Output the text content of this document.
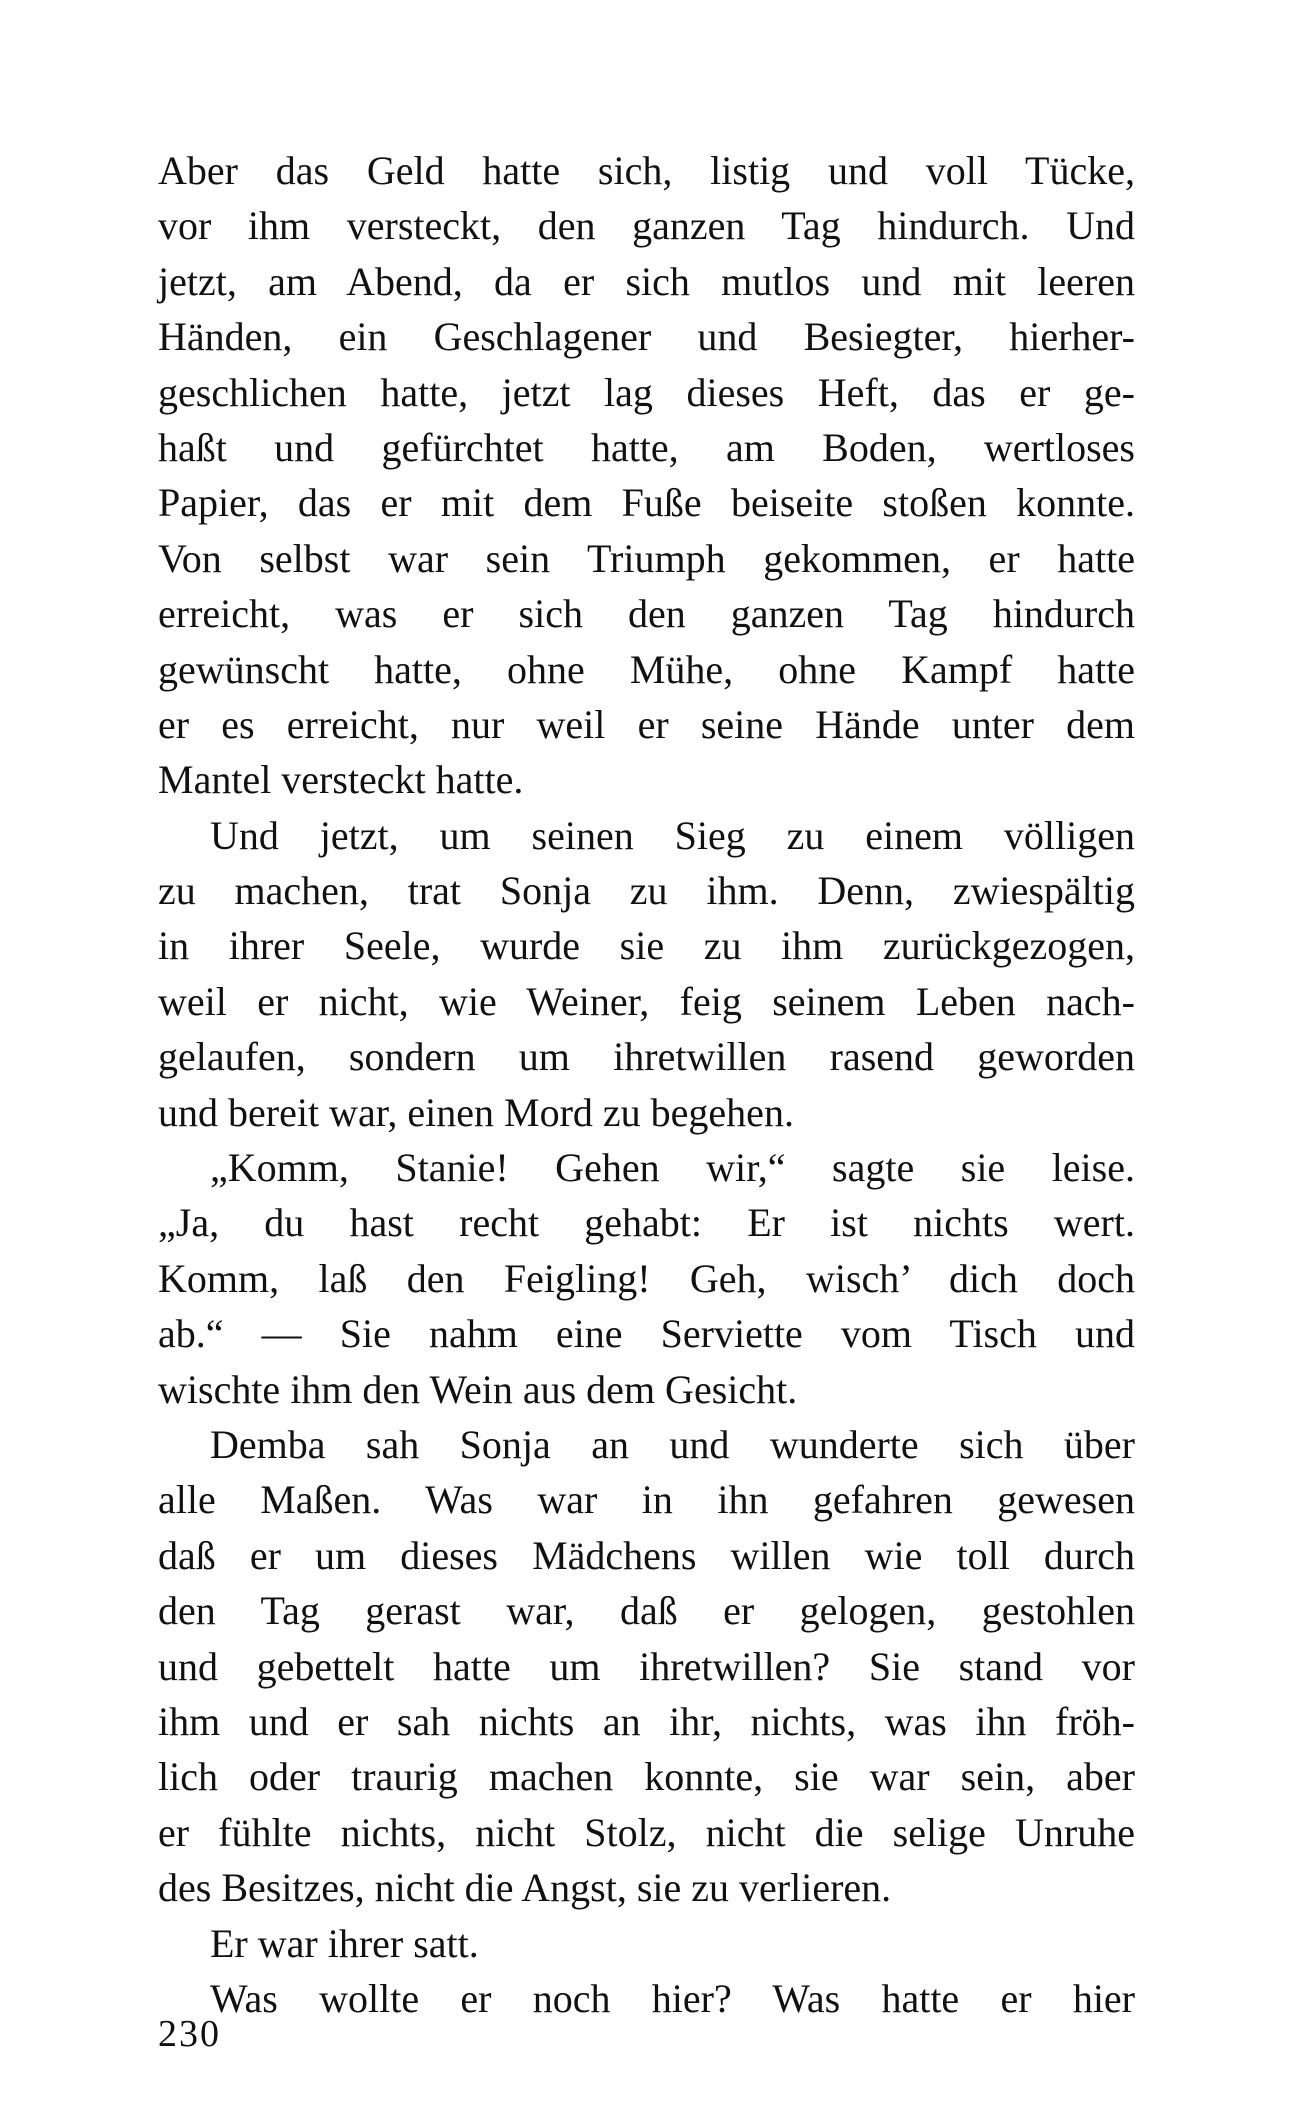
Aber das Geld hatte sich, listig und voll Tücke,
vor ihm versteckt, den ganzen Tag hindurch. Und
jetzt, am Abend, da er sich mutlos und mit leeren
Händen, ein Geschlagener und Besiegter, hierher-
geschlichen hatte, jetzt lag dieses Heft, das er ge-
haßt und gefürchtet hatte, am Boden, wertloses
Papier, das er mit dem Fuße beiseite stoßen konnte.
Von selbst war sein Triumph gekommen, er hatte
erreicht, was er sich den ganzen Tag hindurch
gewünscht hatte, ohne Mühe, ohne Kampf hatte
er es erreicht, nur weil er seine Hände unter dem
Mantel versteckt hatte.
Und jetzt, um seinen Sieg zu einem völligen
zu machen, trat Sonja zu ihm. Denn, zwiespältig
in ihrer Seele, wurde sie zu ihm zurückgezogen,
weil er nicht, wie Weiner, feig seinem Leben nach-
gelaufen, sondern um ihretwillen rasend geworden
und bereit war, einen Mord zu begehen.
„Komm, Stanie! Gehen wir,“ sagte sie leise.
„Ja, du hast recht gehabt: Er ist nichts wert.
Komm, laß den Feigling! Geh, wisch’ dich doch
ab.“ — Sie nahm eine Serviette vom Tisch und
wischte ihm den Wein aus dem Gesicht.
Demba sah Sonja an und wunderte sich über
alle Maßen. Was war in ihn gefahren gewesen
daß er um dieses Mädchens willen wie toll durch
den Tag gerast war, daß er gelogen, gestohlen
und gebettelt hatte um ihretwillen? Sie stand vor
ihm und er sah nichts an ihr, nichts, was ihn fröh-
lich oder traurig machen konnte, sie war sein, aber
er fühlte nichts, nicht Stolz, nicht die selige Unruhe
des Besitzes, nicht die Angst, sie zu verlieren.
Er war ihrer satt.
Was wollte er noch hier? Was hatte er hier
230
